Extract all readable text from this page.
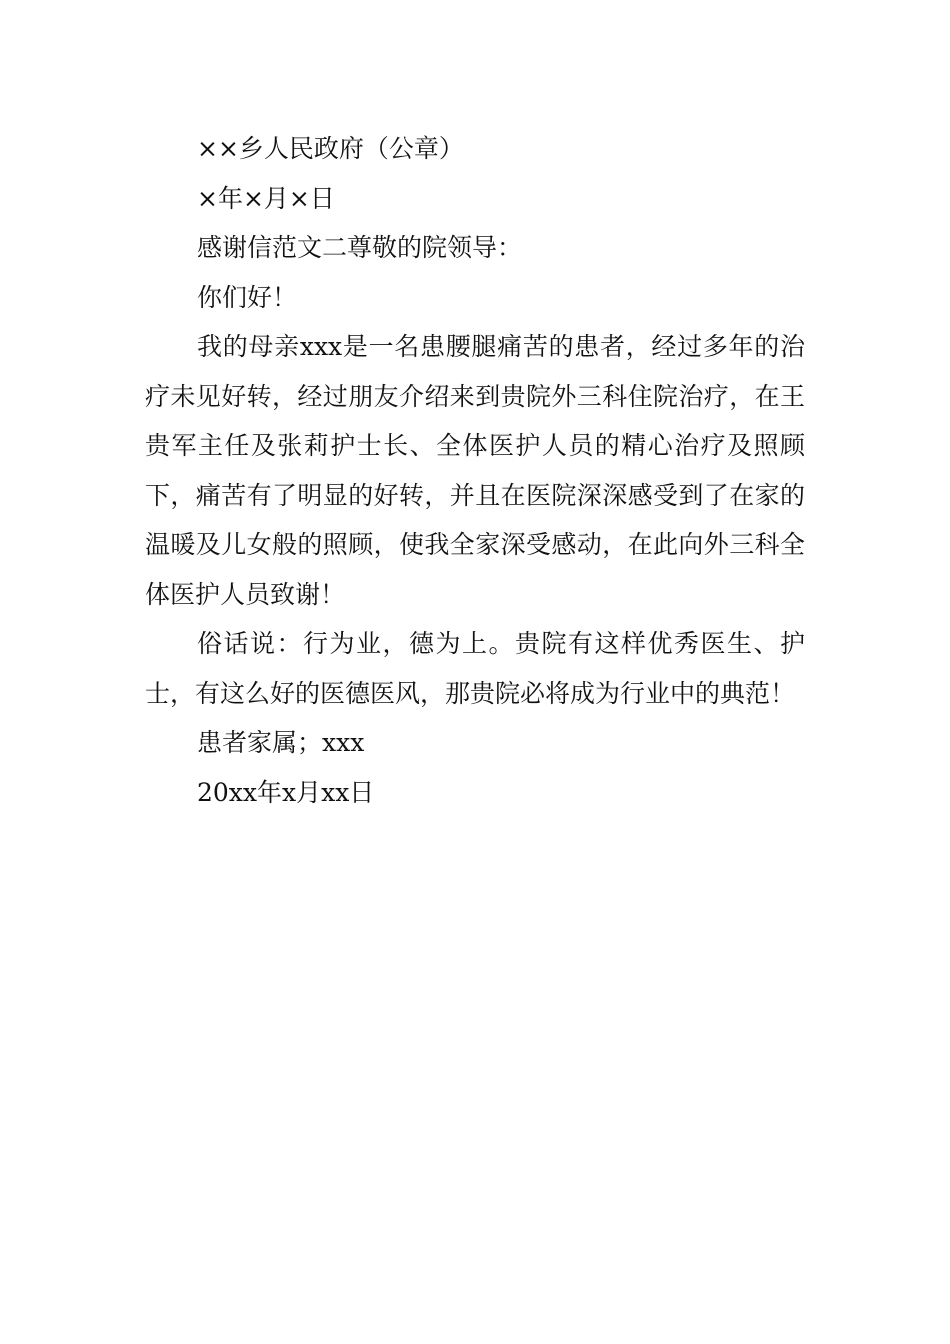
××乡人民政府（公章）

×年×月×日

感谢信范文二尊敬的院领导：

你们好！

我的母亲xxx是一名患腰腿痛苦的患者，经过多年的治疗未见好转，经过朋友介绍来到贵院外三科住院治疗，在王贵军主任及张莉护士长、全体医护人员的精心治疗及照顾下，痛苦有了明显的好转，并且在医院深深感受到了在家的温暖及儿女般的照顾，使我全家深受感动，在此向外三科全体医护人员致谢！

俗话说：行为业，德为上。贵院有这样优秀医生、护士，有这么好的医德医风，那贵院必将成为行业中的典范！

患者家属；xxx

20xx年x月xx日
